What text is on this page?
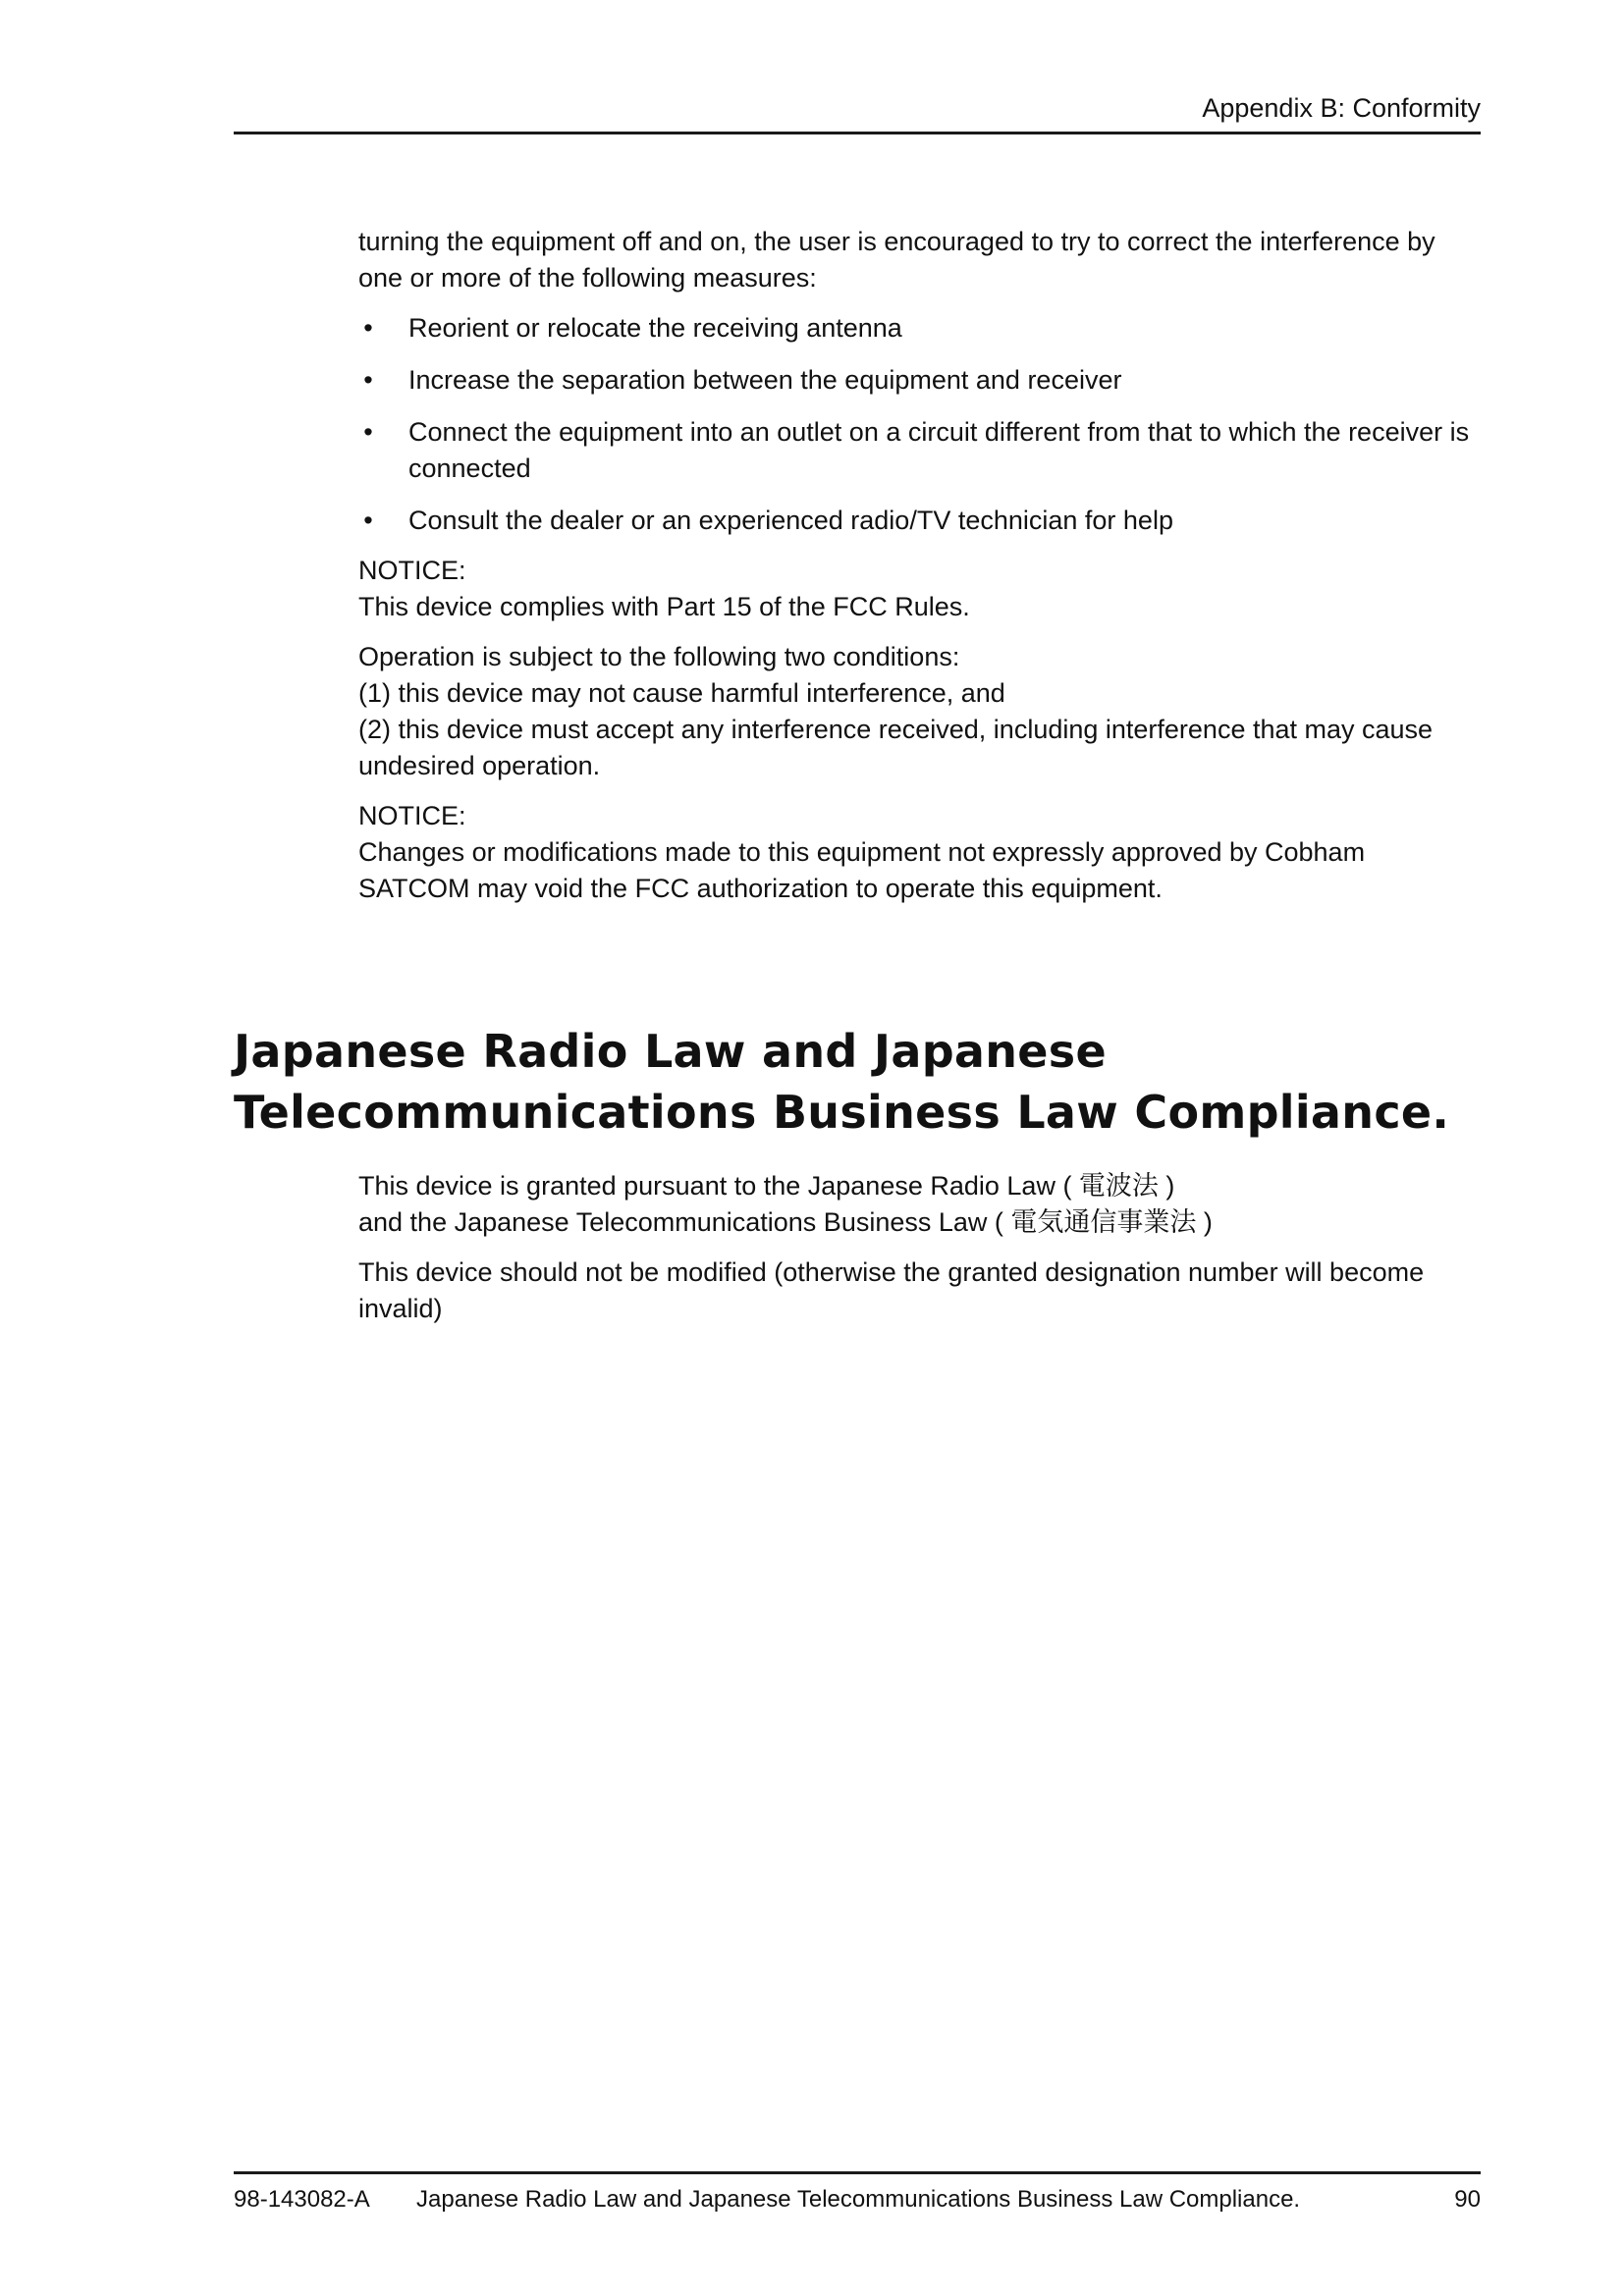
Appendix B: Conformity

turning the equipment off and on, the user is encouraged to try to correct the interference by one or more of the following measures:

• Reorient or relocate the receiving antenna
• Increase the separation between the equipment and receiver
• Connect the equipment into an outlet on a circuit different from that to which the receiver is connected
• Consult the dealer or an experienced radio/TV technician for help
NOTICE:
This device complies with Part 15 of the FCC Rules.
Operation is subject to the following two conditions:
(1) this device may not cause harmful interference, and
(2) this device must accept any interference received, including interference that may cause undesired operation.
NOTICE:
Changes or modifications made to this equipment not expressly approved by Cobham SATCOM may void the FCC authorization to operate this equipment.
Japanese Radio Law and Japanese Telecommunications Business Law Compliance.
This device is granted pursuant to the Japanese Radio Law ( 電波法 )
and the Japanese Telecommunications Business Law ( 電気通信事業法 )

This device should not be modified (otherwise the granted designation number will become invalid)

98-143082-A Japanese Radio Law and Japanese Telecommunications Business Law Compliance.	90
